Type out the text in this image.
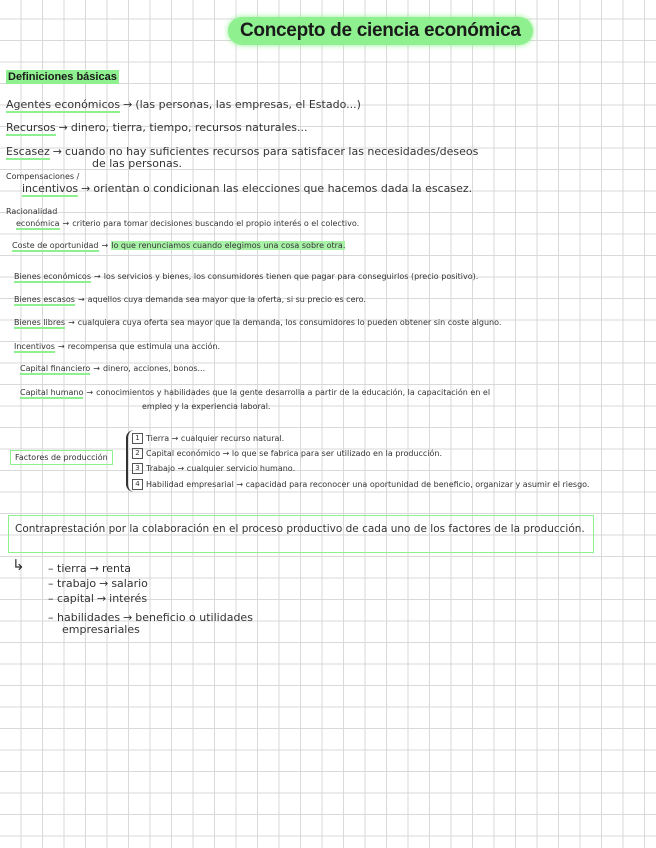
Concepto de ciencia económica
Definiciones básicas
Agentes económicos → (las personas, las empresas, el Estado...)
Recursos → dinero, tierra, tiempo, recursos naturales...
Escasez → cuando no hay suficientes recursos para satisfacer las necesidades/deseos
de las personas.
Compensaciones /
incentivos → orientan o condicionan las elecciones que hacemos dada la escasez.
Racionalidad
económica → criterio para tomar decisiones buscando el propio interés o el colectivo.
Coste de oportunidad → lo que renunciamos cuando elegimos una cosa sobre otra.
Bienes económicos → los servicios y bienes, los consumidores tienen que pagar para conseguirlos (precio positivo).
Bienes escasos → aquellos cuya demanda sea mayor que la oferta, si su precio es cero.
Bienes libres → cualquiera cuya oferta sea mayor que la demanda, los consumidores lo pueden obtener sin coste alguno.
Incentivos → recompensa que estimula una acción.
Capital financiero → dinero, acciones, bonos...
Capital humano → conocimientos y habilidades que la gente desarrolla a partir de la educación, la capacitación en el
empleo y la experiencia laboral.
Factores de producción
1 Tierra → cualquier recurso natural.
2 Capital económico → lo que se fabrica para ser utilizado en la producción.
3 Trabajo → cualquier servicio humano.
4 Habilidad empresarial → capacidad para reconocer una oportunidad de beneficio, organizar y asumir el riesgo.
Contraprestación por la colaboración en el proceso productivo de cada uno de los factores de la producción.
↳ – tierra → renta
– trabajo → salario
– capital → interés
– habilidades → beneficio o utilidades
empresariales
